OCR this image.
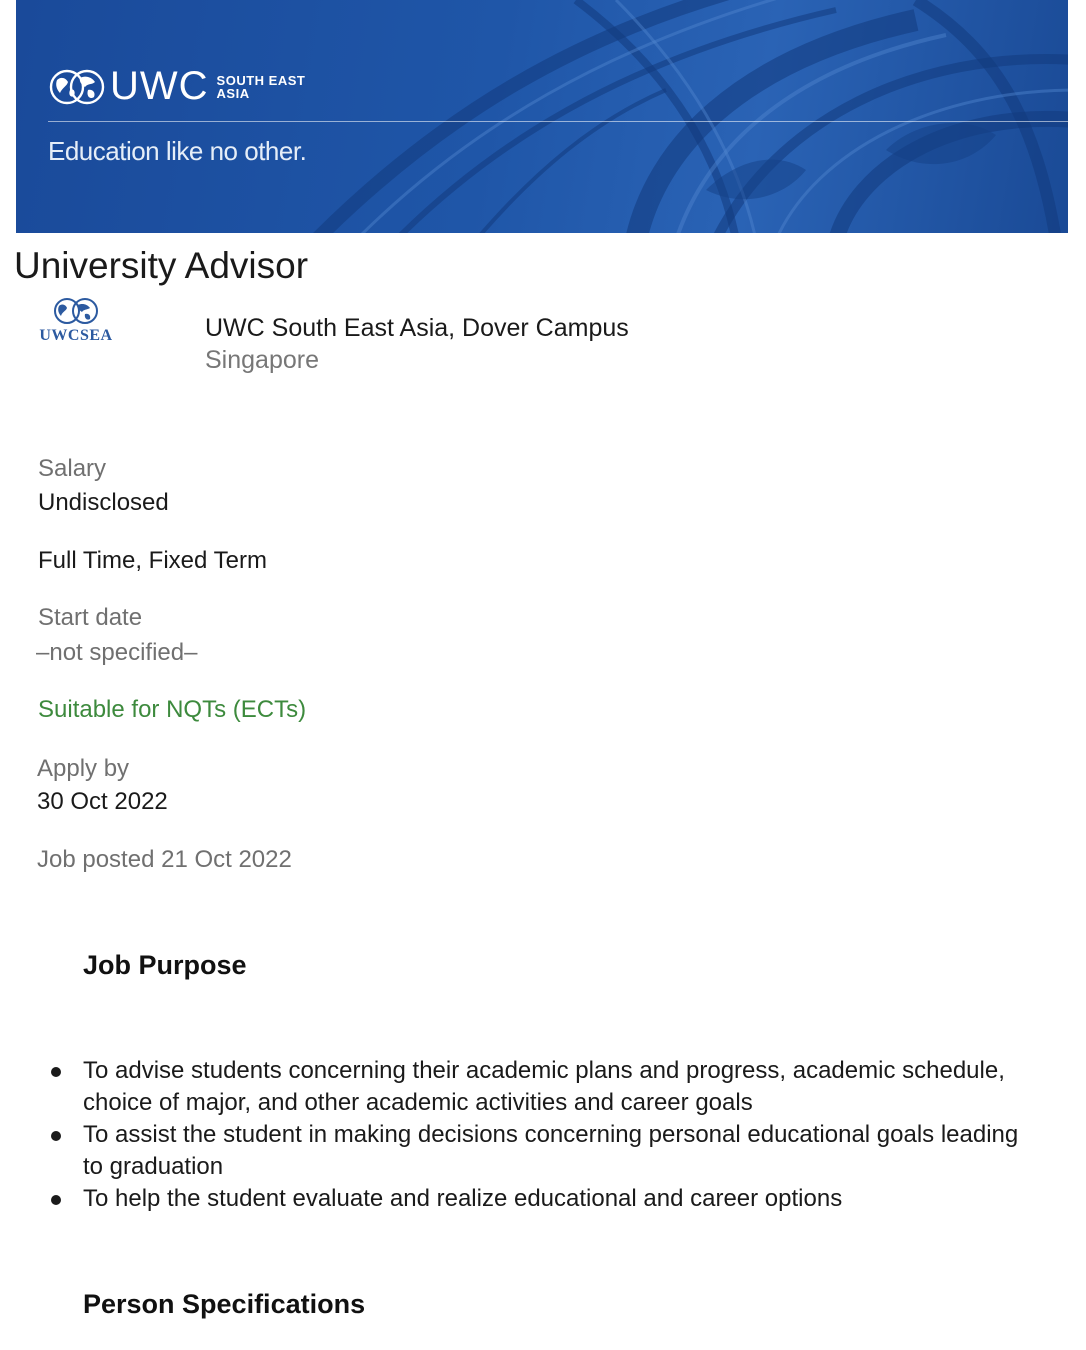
UWC SOUTH EAST
ASIA
Education like no other.
University Advisor
UWCSEA	UWC South East Asia, Dover Campus
Singapore
Salary
Undisclosed
Full Time, Fixed Term
Start date
–not specified–
Suitable for NQTs (ECTs)
Apply by
30 Oct 2022
Job posted 21 Oct 2022
Job Purpose
To advise students concerning their academic plans and progress, academic schedule, choice of major, and other academic activities and career goals
To assist the student in making decisions concerning personal educational goals leading to graduation
To help the student evaluate and realize educational and career options
Person Specifications
